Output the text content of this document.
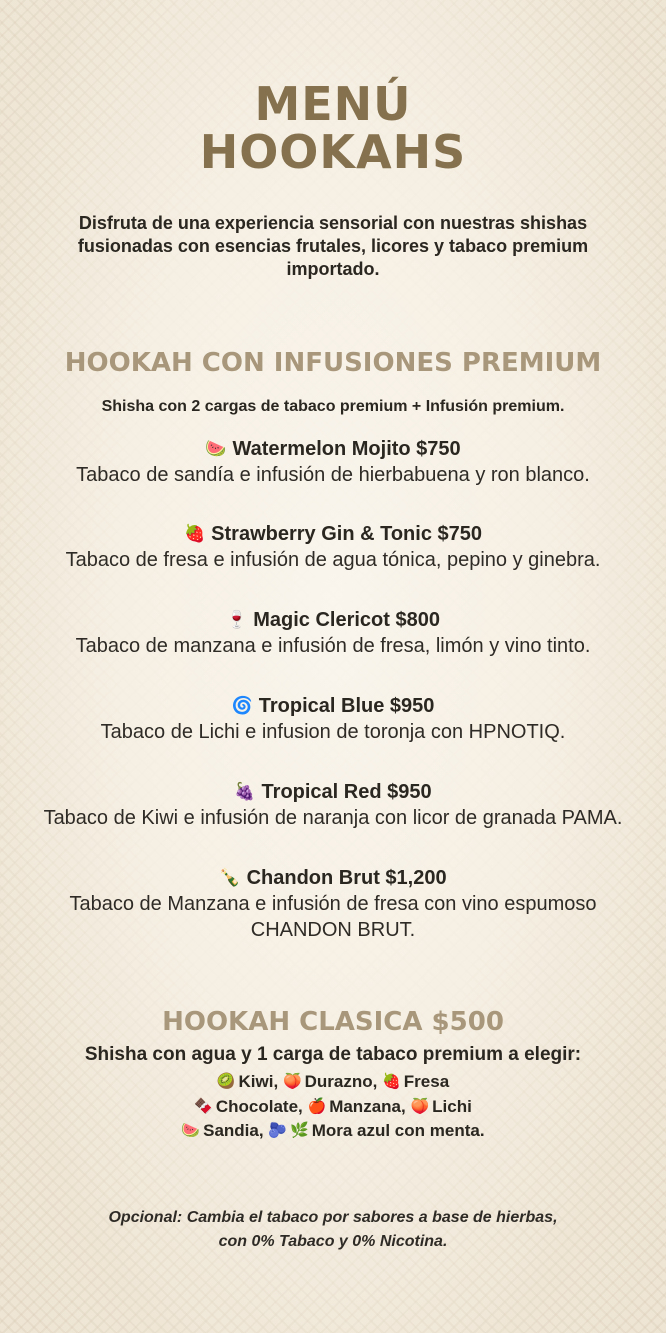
MENÚ
HOOKAHS

Disfruta de una experiencia sensorial con nuestras shishas fusionadas con esencias frutales, licores y tabaco premium importado.

HOOKAH CON INFUSIONES PREMIUM

Shisha con 2 cargas de tabaco premium + Infusión premium.

🍉 Watermelon Mojito $750

Tabaco de sandía e infusión de hierbabuena y ron blanco.

🍓 Strawberry Gin & Tonic $750

Tabaco de fresa e infusión de agua tónica, pepino y ginebra.

🍷 Magic Clericot $800

Tabaco de manzana e infusión de fresa, limón y vino tinto.

🌀 Tropical Blue $950

Tabaco de Lichi e infusion de toronja con HPNOTIQ.

🍇 Tropical Red $950

Tabaco de Kiwi e infusión de naranja con licor de granada PAMA.

🍾 Chandon Brut $1,200

Tabaco de Manzana e infusión de fresa con vino espumoso CHANDON BRUT.

HOOKAH CLASICA $500

Shisha con agua y 1 carga de tabaco premium a elegir:

🥝 Kiwi, 🍑 Durazno, 🍓 Fresa

🍫 Chocolate, 🍎 Manzana, 🍑 Lichi

🍉 Sandia, 🫐 🌿 Mora azul con menta.

Opcional: Cambia el tabaco por sabores a base de hierbas,
con 0% Tabaco y 0% Nicotina.
